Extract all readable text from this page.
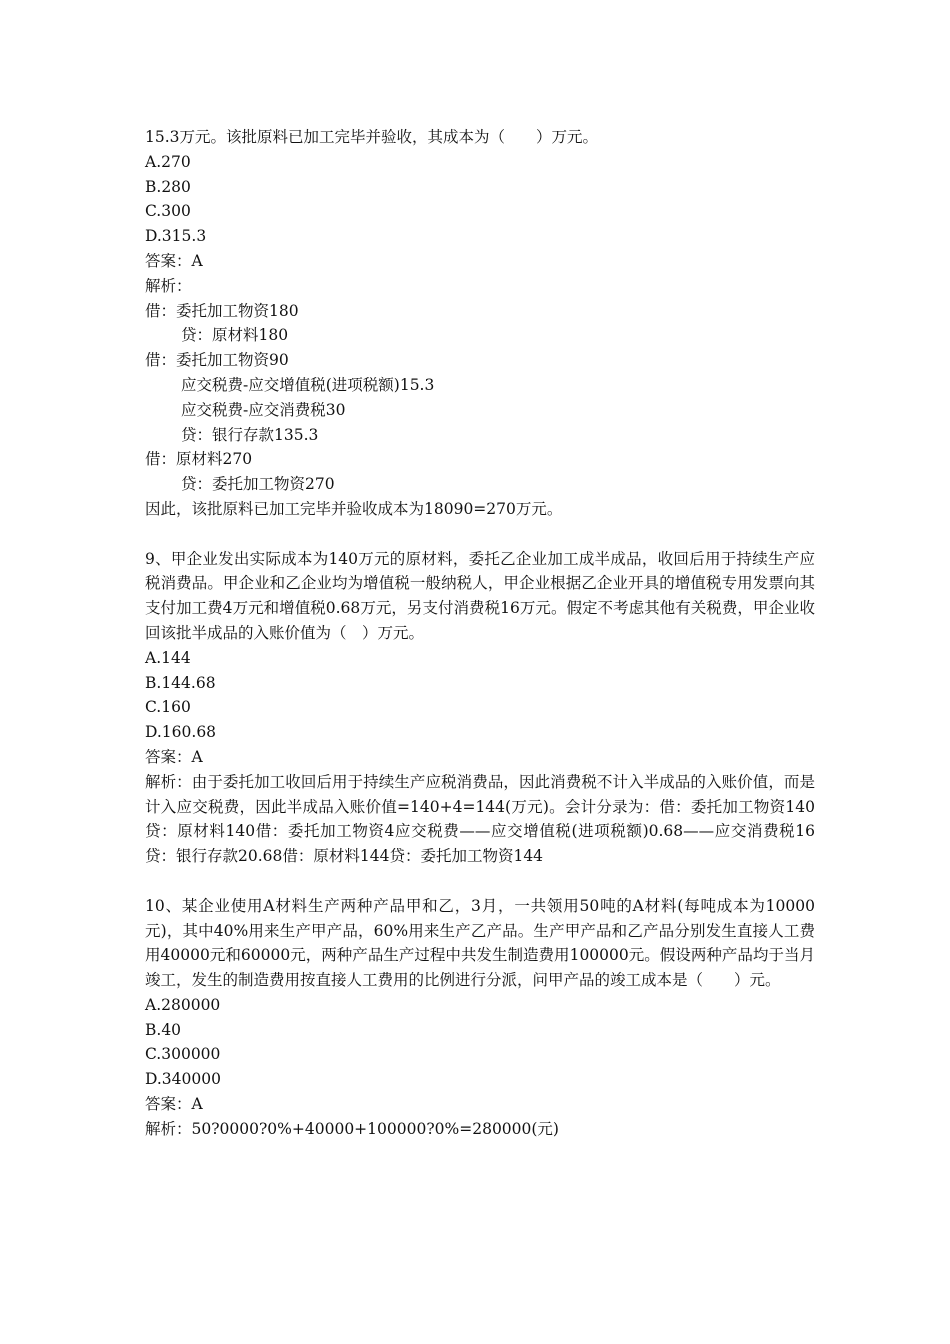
15.3万元。该批原料已加工完毕并验收，其成本为（　　）万元。
A.270
B.280
C.300
D.315.3
答案：A
解析：
借：委托加工物资180
贷：原材料180
借：委托加工物资90
应交税费-应交增值税(进项税额)15.3
应交税费-应交消费税30
贷：银行存款135.3
借：原材料270
贷：委托加工物资270
因此，该批原料已加工完毕并验收成本为18090=270万元。
9、甲企业发出实际成本为140万元的原材料，委托乙企业加工成半成品，收回后用于持续生产应税消费品。甲企业和乙企业均为增值税一般纳税人，甲企业根据乙企业开具的增值税专用发票向其支付加工费4万元和增值税0.68万元，另支付消费税16万元。假定不考虑其他有关税费，甲企业收回该批半成品的入账价值为（　）万元。
A.144
B.144.68
C.160
D.160.68
答案：A
解析：由于委托加工收回后用于持续生产应税消费品，因此消费税不计入半成品的入账价值，而是计入应交税费，因此半成品入账价值=140+4=144(万元)。会计分录为：借：委托加工物资140贷：原材料140借：委托加工物资4应交税费——应交增值税(进项税额)0.68——应交消费税16贷：银行存款20.68借：原材料144贷：委托加工物资144
10、某企业使用A材料生产两种产品甲和乙，3月，一共领用50吨的A材料(每吨成本为10000元)，其中40%用来生产甲产品，60%用来生产乙产品。生产甲产品和乙产品分别发生直接人工费用40000元和60000元，两种产品生产过程中共发生制造费用100000元。假设两种产品均于当月竣工，发生的制造费用按直接人工费用的比例进行分派，问甲产品的竣工成本是（　　）元。
A.280000
B.40
C.300000
D.340000
答案：A
解析：50?0000?0%+40000+100000?0%=280000(元)
